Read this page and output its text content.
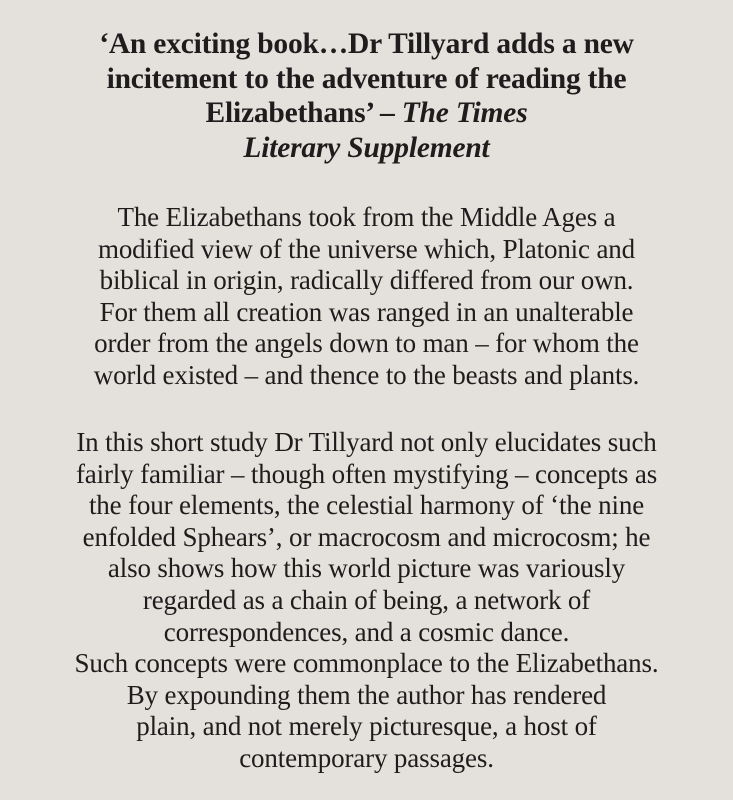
‘An exciting book…Dr Tillyard adds a new
incitement to the adventure of reading the
Elizabethans’ – The Times
Literary Supplement
The Elizabethans took from the Middle Ages a
modified view of the universe which, Platonic and
biblical in origin, radically differed from our own.
For them all creation was ranged in an unalterable
order from the angels down to man – for whom the
world existed – and thence to the beasts and plants.
In this short study Dr Tillyard not only elucidates such
fairly familiar – though often mystifying – concepts as
the four elements, the celestial harmony of ‘the nine
enfolded Sphears’, or macrocosm and microcosm; he
also shows how this world picture was variously
regarded as a chain of being, a network of
correspondences, and a cosmic dance.
Such concepts were commonplace to the Elizabethans.
By expounding them the author has rendered
plain, and not merely picturesque, a host of
contemporary passages.
